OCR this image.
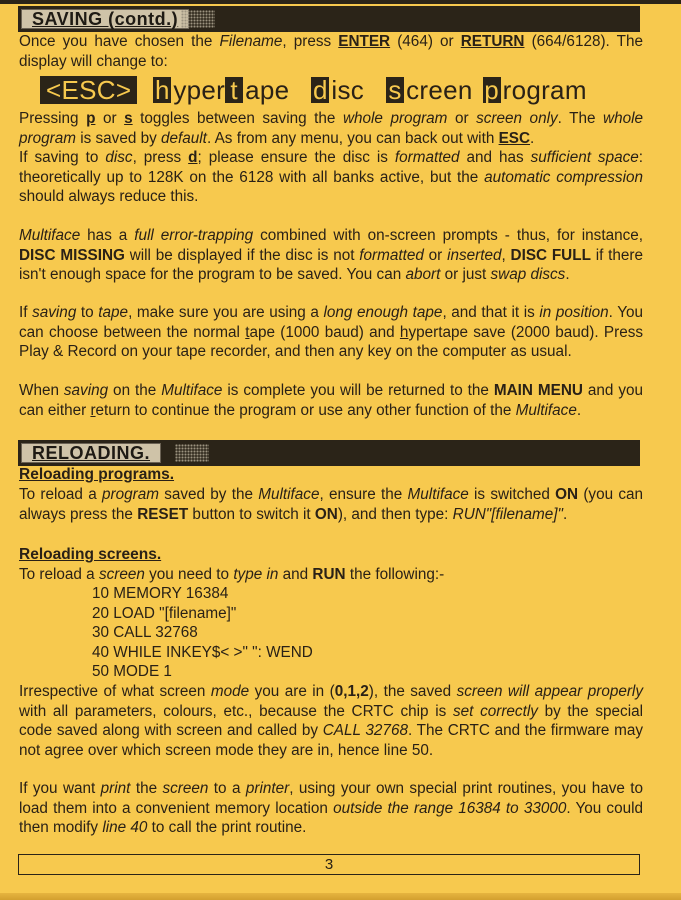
SAVING (contd.)

Once you have chosen the Filename, press ENTER (464) or RETURN (664/6128). The display will change to:

<ESC> h yper t ape d isc s creen p rogram

Pressing p or s toggles between saving the whole program or screen only. The whole program is saved by default. As from any menu, you can back out with ESC.
If saving to disc, press d; please ensure the disc is formatted and has sufficient space: theoretically up to 128K on the 6128 with all banks active, but the automatic compression should always reduce this.

Multiface has a full error-trapping combined with on-screen prompts - thus, for instance, DISC MISSING will be displayed if the disc is not formatted or inserted, DISC FULL if there isn't enough space for the program to be saved. You can abort or just swap discs.

If saving to tape, make sure you are using a long enough tape, and that it is in position. You can choose between the normal tape (1000 baud) and hypertape save (2000 baud). Press Play & Record on your tape recorder, and then any key on the computer as usual.

When saving on the Multiface is complete you will be returned to the MAIN MENU and you can either return to continue the program or use any other function of the Multiface.

RELOADING.
Reloading programs.

To reload a program saved by the Multiface, ensure the Multiface is switched ON (you can always press the RESET button to switch it ON), and then type: RUN"[filename]".

Reloading screens.

To reload a screen you need to type in and RUN the following:-

10 MEMORY 16384
20 LOAD "[filename]"
30 CALL 32768
40 WHILE INKEY$< >" ": WEND
50 MODE 1

Irrespective of what screen mode you are in (0,1,2), the saved screen will appear properly with all parameters, colours, etc., because the CRTC chip is set correctly by the special code saved along with screen and called by CALL 32768. The CRTC and the firmware may not agree over which screen mode they are in, hence line 50.

If you want print the screen to a printer, using your own special print routines, you have to load them into a convenient memory location outside the range 16384 to 33000. You could then modify line 40 to call the print routine.

3
